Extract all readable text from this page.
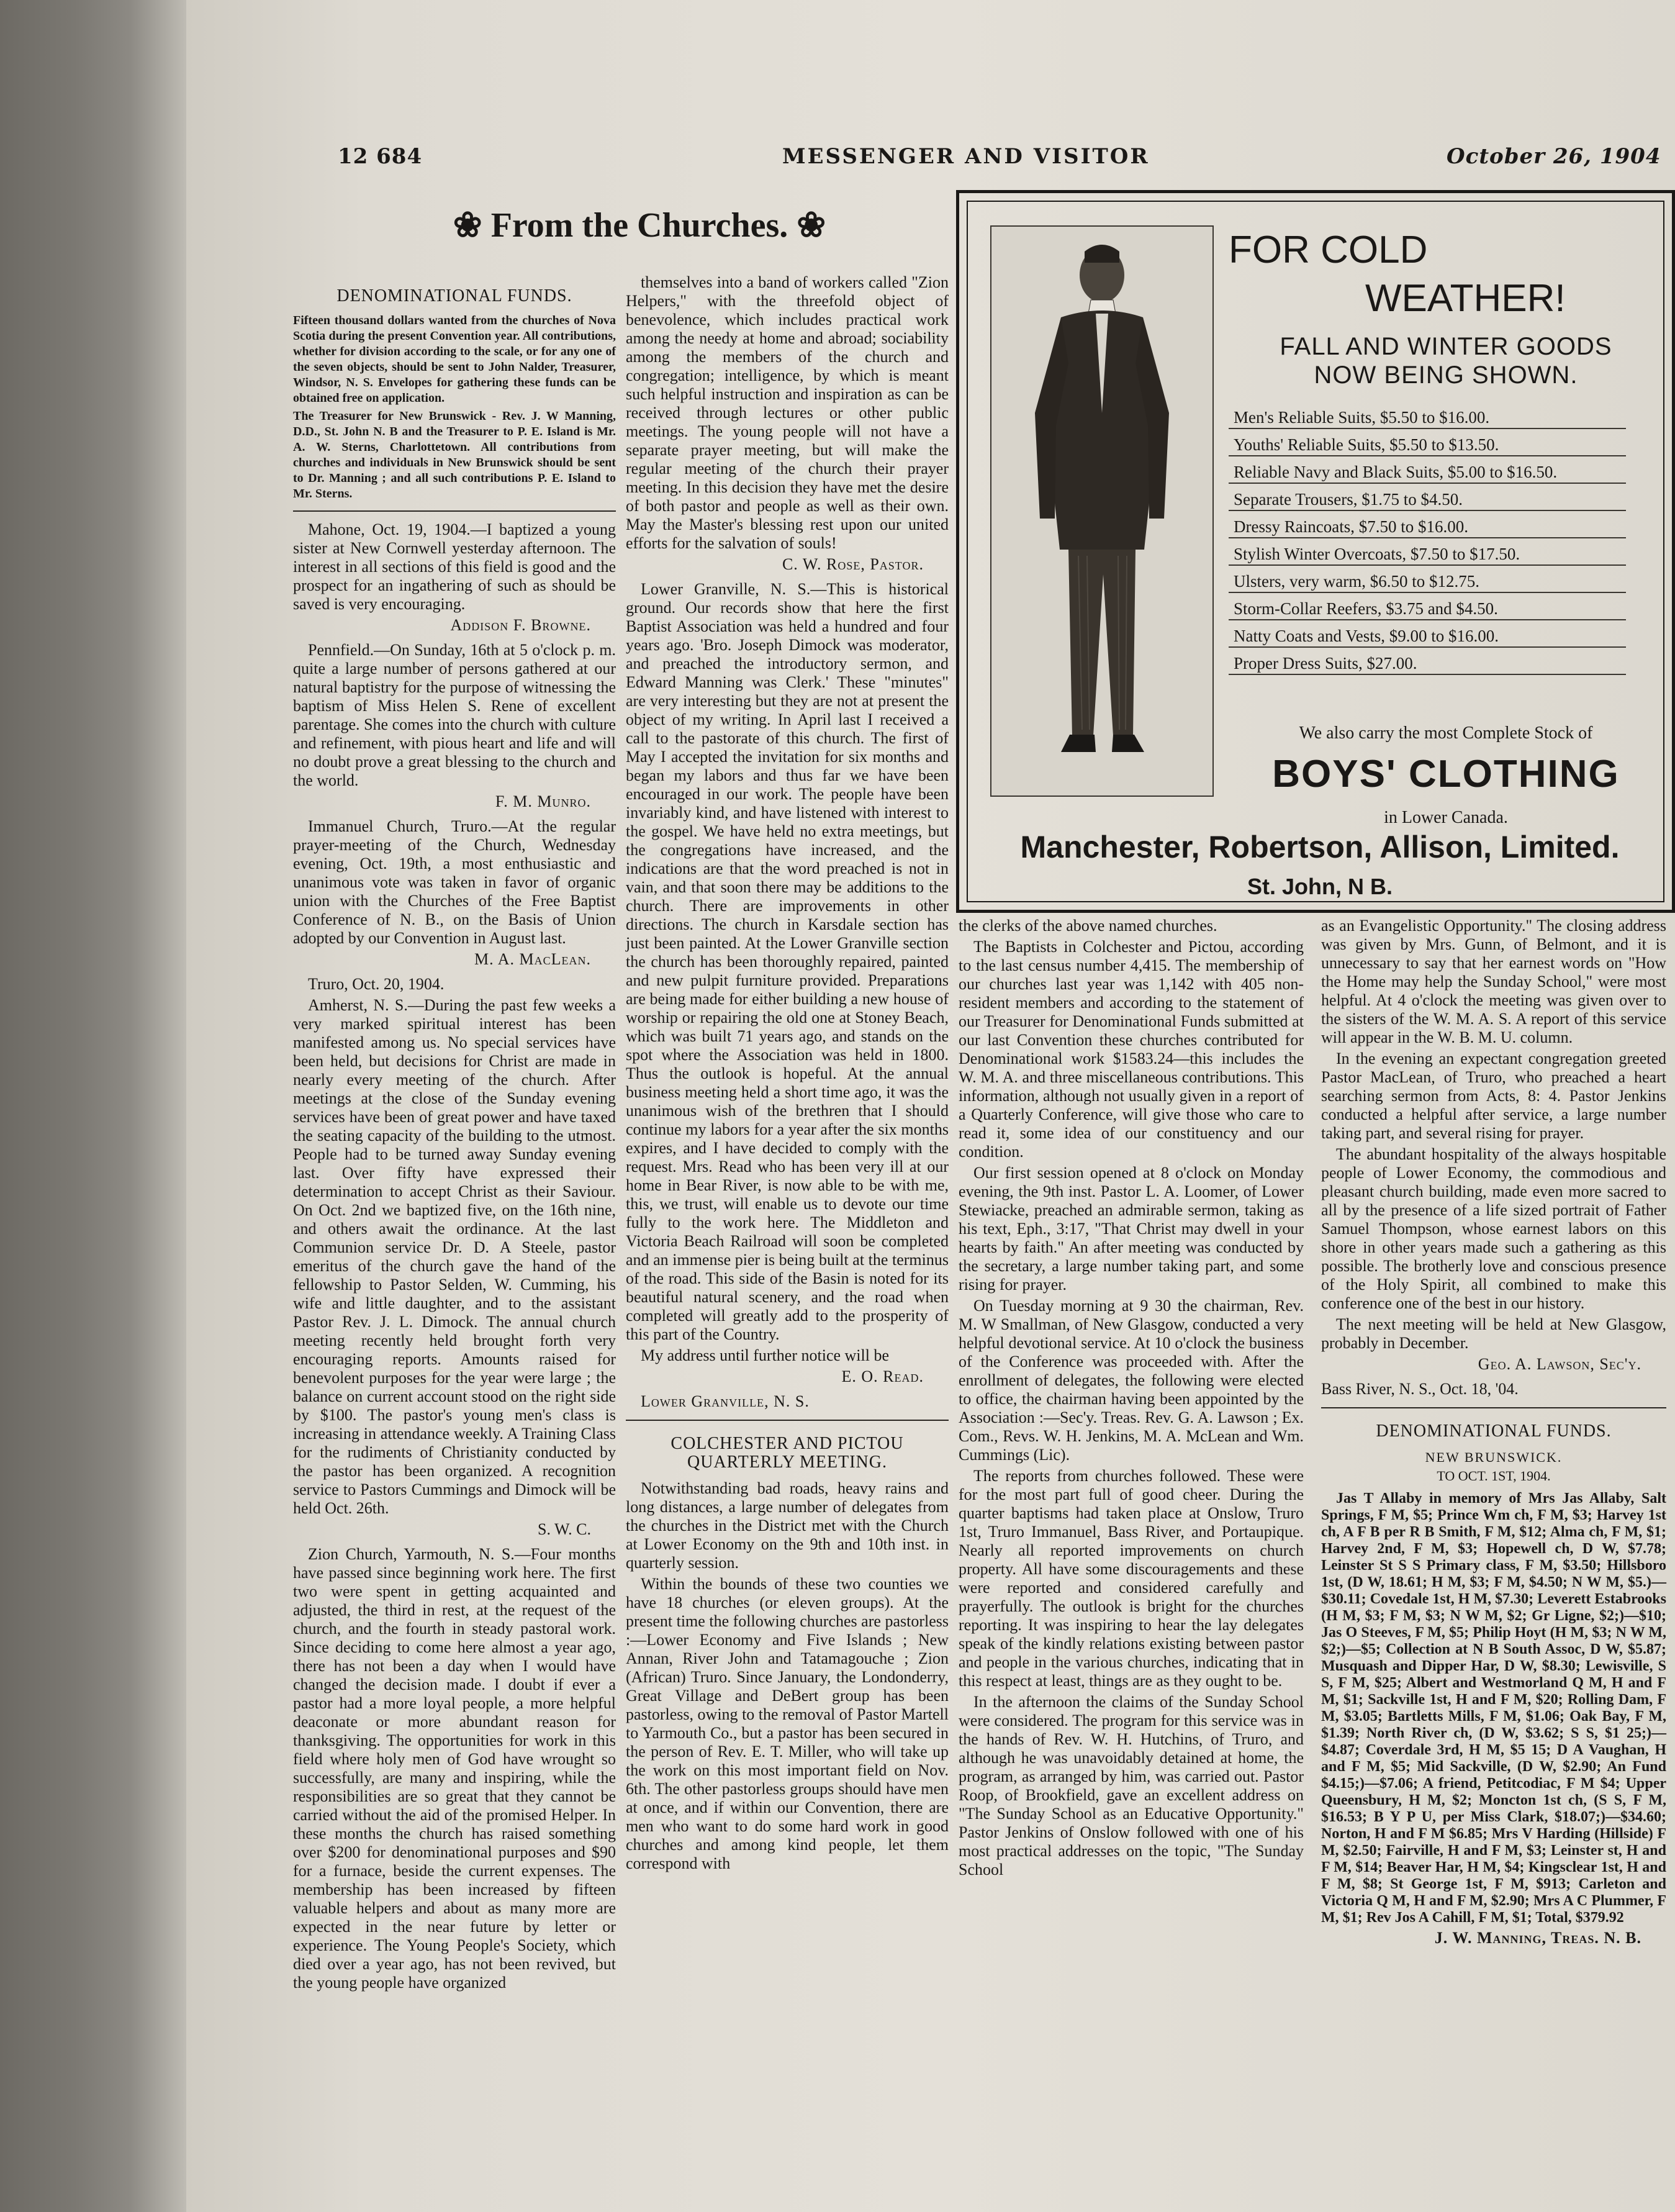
12 684	MESSENGER AND VISITOR	October 26, 1904
❀ From the Churches. ❀
DENOMINATIONAL FUNDS.

Fifteen thousand dollars wanted from the churches of Nova Scotia during the present Convention year. All contributions, whether for division according to the scale, or for any one of the seven objects, should be sent to John Nalder, Treasurer, Windsor, N. S. Envelopes for gathering these funds can be obtained free on application.

The Treasurer for New Brunswick - Rev. J. W Manning, D.D., St. John N. B and the Treasurer to P. E. Island is Mr. A. W. Sterns, Charlottetown. All contributions from churches and individuals in New Brunswick should be sent to Dr. Manning ; and all such contributions P. E. Island to Mr. Sterns.

Mahone, Oct. 19, 1904.—I baptized a young sister at New Cornwell yesterday afternoon. The interest in all sections of this field is good and the prospect for an ingathering of such as should be saved is very encouraging.

Addison F. Browne.

Pennfield.—On Sunday, 16th at 5 o'clock p. m. quite a large number of persons gathered at our natural baptistry for the purpose of witnessing the baptism of Miss Helen S. Rene of excellent parentage. She comes into the church with culture and refinement, with pious heart and life and will no doubt prove a great blessing to the church and the world.

F. M. Munro.

Immanuel Church, Truro.—At the regular prayer-meeting of the Church, Wednesday evening, Oct. 19th, a most enthusiastic and unanimous vote was taken in favor of organic union with the Churches of the Free Baptist Conference of N. B., on the Basis of Union adopted by our Convention in August last.

M. A. MacLean.

Truro, Oct. 20, 1904.

Amherst, N. S.—During the past few weeks a very marked spiritual interest has been manifested among us. No special services have been held, but decisions for Christ are made in nearly every meeting of the church. After meetings at the close of the Sunday evening services have been of great power and have taxed the seating capacity of the building to the utmost. People had to be turned away Sunday evening last. Over fifty have expressed their determination to accept Christ as their Saviour. On Oct. 2nd we baptized five, on the 16th nine, and others await the ordinance. At the last Communion service Dr. D. A Steele, pastor emeritus of the church gave the hand of the fellowship to Pastor Selden, W. Cumming, his wife and little daughter, and to the assistant Pastor Rev. J. L. Dimock. The annual church meeting recently held brought forth very encouraging reports. Amounts raised for benevolent purposes for the year were large ; the balance on current account stood on the right side by $100. The pastor's young men's class is increasing in attendance weekly. A Training Class for the rudiments of Christianity conducted by the pastor has been organized. A recognition service to Pastors Cummings and Dimock will be held Oct. 26th.

S. W. C.

Zion Church, Yarmouth, N. S.—Four months have passed since beginning work here. The first two were spent in getting acquainted and adjusted, the third in rest, at the request of the church, and the fourth in steady pastoral work. Since deciding to come here almost a year ago, there has not been a day when I would have changed the decision made. I doubt if ever a pastor had a more loyal people, a more helpful deaconate or more abundant reason for thanksgiving. The opportunities for work in this field where holy men of God have wrought so successfully, are many and inspiring, while the responsibilities are so great that they cannot be carried without the aid of the promised Helper. In these months the church has raised something over $200 for denominational purposes and $90 for a furnace, beside the current expenses. The membership has been increased by fifteen valuable helpers and about as many more are expected in the near future by letter or experience. The Young People's Society, which died over a year ago, has not been revived, but the young people have organized

themselves into a band of workers called "Zion Helpers," with the threefold object of benevolence, which includes practical work among the needy at home and abroad; sociability among the members of the church and congregation; intelligence, by which is meant such helpful instruction and inspiration as can be received through lectures or other public meetings. The young people will not have a separate prayer meeting, but will make the regular meeting of the church their prayer meeting. In this decision they have met the desire of both pastor and people as well as their own. May the Master's blessing rest upon our united efforts for the salvation of souls!

C. W. Rose, Pastor.

Lower Granville, N. S.—This is historical ground. Our records show that here the first Baptist Association was held a hundred and four years ago. 'Bro. Joseph Dimock was moderator, and preached the introductory sermon, and Edward Manning was Clerk.' These "minutes" are very interesting but they are not at present the object of my writing. In April last I received a call to the pastorate of this church. The first of May I accepted the invitation for six months and began my labors and thus far we have been encouraged in our work. The people have been invariably kind, and have listened with interest to the gospel. We have held no extra meetings, but the congregations have increased, and the indications are that the word preached is not in vain, and that soon there may be additions to the church. There are improvements in other directions. The church in Karsdale section has just been painted. At the Lower Granville section the church has been thoroughly repaired, painted and new pulpit furniture provided. Preparations are being made for either building a new house of worship or repairing the old one at Stoney Beach, which was built 71 years ago, and stands on the spot where the Association was held in 1800. Thus the outlook is hopeful. At the annual business meeting held a short time ago, it was the unanimous wish of the brethren that I should continue my labors for a year after the six months expires, and I have decided to comply with the request. Mrs. Read who has been very ill at our home in Bear River, is now able to be with me, this, we trust, will enable us to devote our time fully to the work here. The Middleton and Victoria Beach Railroad will soon be completed and an immense pier is being built at the terminus of the road. This side of the Basin is noted for its beautiful natural scenery, and the road when completed will greatly add to the prosperity of this part of the Country.

My address until further notice will be

E. O. Read.

Lower Granville, N. S.

COLCHESTER AND PICTOU QUARTERLY MEETING.

Notwithstanding bad roads, heavy rains and long distances, a large number of delegates from the churches in the District met with the Church at Lower Economy on the 9th and 10th inst. in quarterly session.

Within the bounds of these two counties we have 18 churches (or eleven groups). At the present time the following churches are pastorless :—Lower Economy and Five Islands ; New Annan, River John and Tatamagouche ; Zion (African) Truro. Since January, the Londonderry, Great Village and DeBert group has been pastorless, owing to the removal of Pastor Martell to Yarmouth Co., but a pastor has been secured in the person of Rev. E. T. Miller, who will take up the work on this most important field on Nov. 6th. The other pastorless groups should have men at once, and if within our Convention, there are men who want to do some hard work in good churches and among kind people, let them correspond with

FOR COLD
WEATHER!
FALL AND WINTER GOODS
NOW BEING SHOWN.
Men's Reliable Suits, $5.50 to $16.00.
Youths' Reliable Suits, $5.50 to $13.50.
Reliable Navy and Black Suits, $5.00 to $16.50.
Separate Trousers, $1.75 to $4.50.
Dressy Raincoats, $7.50 to $16.00.
Stylish Winter Overcoats, $7.50 to $17.50.
Ulsters, very warm, $6.50 to $12.75.
Storm-Collar Reefers, $3.75 and $4.50.
Natty Coats and Vests, $9.00 to $16.00.
Proper Dress Suits, $27.00.
We also carry the most Complete Stock of
BOYS' CLOTHING
in Lower Canada.
Manchester, Robertson, Allison, Limited.
St. John, N B.

the clerks of the above named churches.

The Baptists in Colchester and Pictou, according to the last census number 4,415. The membership of our churches last year was 1,142 with 405 non-resident members and according to the statement of our Treasurer for Denominational Funds submitted at our last Convention these churches contributed for Denominational work $1583.24—this includes the W. M. A. and three miscellaneous contributions. This information, although not usually given in a report of a Quarterly Conference, will give those who care to read it, some idea of our constituency and our condition.

Our first session opened at 8 o'clock on Monday evening, the 9th inst. Pastor L. A. Loomer, of Lower Stewiacke, preached an admirable sermon, taking as his text, Eph., 3:17, "That Christ may dwell in your hearts by faith." An after meeting was conducted by the secretary, a large number taking part, and some rising for prayer.

On Tuesday morning at 9 30 the chairman, Rev. M. W Smallman, of New Glasgow, conducted a very helpful devotional service. At 10 o'clock the business of the Conference was proceeded with. After the enrollment of delegates, the following were elected to office, the chairman having been appointed by the Association :—Sec'y. Treas. Rev. G. A. Lawson ; Ex. Com., Revs. W. H. Jenkins, M. A. McLean and Wm. Cummings (Lic).

The reports from churches followed. These were for the most part full of good cheer. During the quarter baptisms had taken place at Onslow, Truro 1st, Truro Immanuel, Bass River, and Portaupique. Nearly all reported improvements on church property. All have some discouragements and these were reported and considered carefully and prayerfully. The outlook is bright for the churches reporting. It was inspiring to hear the lay delegates speak of the kindly relations existing between pastor and people in the various churches, indicating that in this respect at least, things are as they ought to be.

In the afternoon the claims of the Sunday School were considered. The program for this service was in the hands of Rev. W. H. Hutchins, of Truro, and although he was unavoidably detained at home, the program, as arranged by him, was carried out. Pastor Roop, of Brookfield, gave an excellent address on "The Sunday School as an Educative Opportunity." Pastor Jenkins of Onslow followed with one of his most practical addresses on the topic, "The Sunday School

as an Evangelistic Opportunity." The closing address was given by Mrs. Gunn, of Belmont, and it is unnecessary to say that her earnest words on "How the Home may help the Sunday School," were most helpful. At 4 o'clock the meeting was given over to the sisters of the W. M. A. S. A report of this service will appear in the W. B. M. U. column.

In the evening an expectant congregation greeted Pastor MacLean, of Truro, who preached a heart searching sermon from Acts, 8: 4. Pastor Jenkins conducted a helpful after service, a large number taking part, and several rising for prayer.

The abundant hospitality of the always hospitable people of Lower Economy, the commodious and pleasant church building, made even more sacred to all by the presence of a life sized portrait of Father Samuel Thompson, whose earnest labors on this shore in other years made such a gathering as this possible. The brotherly love and conscious presence of the Holy Spirit, all combined to make this conference one of the best in our history.

The next meeting will be held at New Glasgow, probably in December.

Geo. A. Lawson, Sec'y.

Bass River, N. S., Oct. 18, '04.

DENOMINATIONAL FUNDS.
NEW BRUNSWICK.
TO OCT. 1ST, 1904.

Jas T Allaby in memory of Mrs Jas Allaby, Salt Springs, F M, $5; Prince Wm ch, F M, $3; Harvey 1st ch, A F B per R B Smith, F M, $12; Alma ch, F M, $1; Harvey 2nd, F M, $3; Hopewell ch, D W, $7.78; Leinster St S S Primary class, F M, $3.50; Hillsboro 1st, (D W, 18.61; H M, $3; F M, $4.50; N W M, $5.)—$30.11; Covedale 1st, H M, $7.30; Leverett Estabrooks (H M, $3; F M, $3; N W M, $2; Gr Ligne, $2;)—$10; Jas O Steeves, F M, $5; Philip Hoyt (H M, $3; N W M, $2;)—$5; Collection at N B South Assoc, D W, $5.87; Musquash and Dipper Har, D W, $8.30; Lewisville, S S, F M, $25; Albert and Westmorland Q M, H and F M, $1; Sackville 1st, H and F M, $20; Rolling Dam, F M, $3.05; Bartletts Mills, F M, $1.06; Oak Bay, F M, $1.39; North River ch, (D W, $3.62; S S, $1 25;)—$4.87; Coverdale 3rd, H M, $5 15; D A Vaughan, H and F M, $5; Mid Sackville, (D W, $2.90; An Fund $4.15;)—$7.06; A friend, Petitcodiac, F M $4; Upper Queensbury, H M, $2; Moncton 1st ch, (S S, F M, $16.53; B Y P U, per Miss Clark, $18.07;)—$34.60; Norton, H and F M $6.85; Mrs V Harding (Hillside) F M, $2.50; Fairville, H and F M, $3; Leinster st, H and F M, $14; Beaver Har, H M, $4; Kingsclear 1st, H and F M, $8; St George 1st, F M, $913; Carleton and Victoria Q M, H and F M, $2.90; Mrs A C Plummer, F M, $1; Rev Jos A Cahill, F M, $1; Total, $379.92

J. W. Manning, Treas. N. B.
